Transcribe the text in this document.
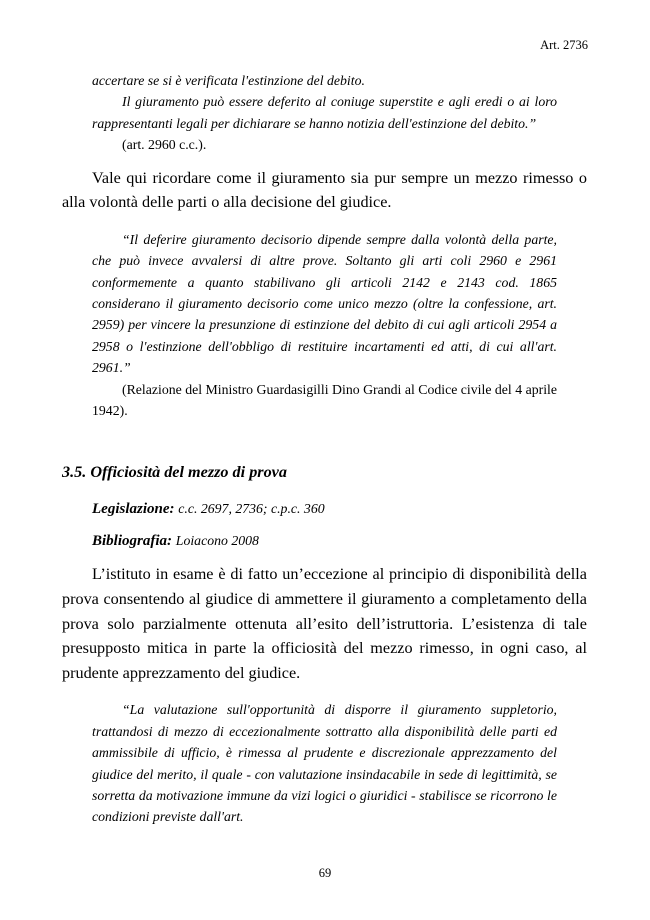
Art. 2736

accertare se si è verificata l'estinzione del debito.

Il giuramento può essere deferito al coniuge superstite e agli eredi o ai loro rappresentanti legali per dichiarare se hanno notizia dell'estinzione del debito.”

(art. 2960 c.c.).

Vale qui ricordare come il giuramento sia pur sempre un mezzo rimesso o alla volontà delle parti o alla decisione del giudice.

“Il deferire giuramento decisorio dipende sempre dalla volontà della parte, che può invece avvalersi di altre prove. Soltanto gli arti coli 2960 e 2961 conformemente a quanto stabilivano gli articoli 2142 e 2143 cod. 1865 considerano il giuramento decisorio come unico mezzo (oltre la confessione, art. 2959) per vincere la presunzione di estinzione del debito di cui agli articoli 2954 a 2958 o l'estinzione dell'obbligo di restituire incartamenti ed atti, di cui all'art. 2961.”

(Relazione del Ministro Guardasigilli Dino Grandi al Codice civile del 4 aprile 1942).

3.5. Officiosità del mezzo di prova

Legislazione: c.c. 2697, 2736; c.p.c. 360

Bibliografia: Loiacono 2008

L’istituto in esame è di fatto un’eccezione al principio di disponibilità della prova consentendo al giudice di ammettere il giuramento a completamento della prova solo parzialmente ottenuta all’esito dell’istruttoria. L’esistenza di tale presupposto mitica in parte la officiosità del mezzo rimesso, in ogni caso, al prudente apprezzamento del giudice.

“La valutazione sull'opportunità di disporre il giuramento suppletorio, trattandosi di mezzo di eccezionalmente sottratto alla disponibilità delle parti ed ammissibile di ufficio, è rimessa al prudente e discrezionale apprezzamento del giudice del merito, il quale - con valutazione insindacabile in sede di legittimità, se sorretta da motivazione immune da vizi logici o giuridici - stabilisce se ricorrono le condizioni previste dall'art.

69
